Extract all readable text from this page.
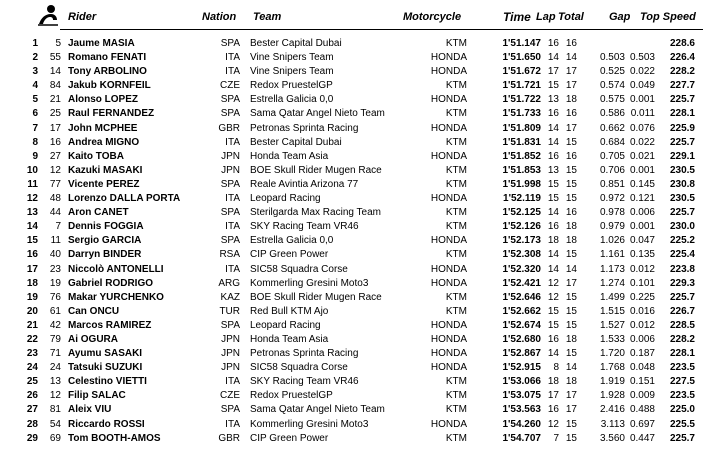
Rider	Nation Team	Motorcycle	Time Lap Total Gap Top Speed
1	5 Jaume MASIA	SPA Bester Capital Dubai	KTM	1'51.147 16 16	228.6
2	55 Romano FENATI	ITA Vine Snipers Team	HONDA	1'51.650 14 14	0.503 0.503	226.4
3	14 Tony ARBOLINO	ITA Vine Snipers Team	HONDA	1'51.672 17 17	0.525 0.022	228.2
4	84 Jakub KORNFEIL	CZE Redox PruestelGP	KTM	1'51.721 15 17	0.574 0.049	227.7
5	21 Alonso LOPEZ	SPA Estrella Galicia 0,0	HONDA	1'51.722 13 18	0.575 0.001	225.7
6	25 Raul FERNANDEZ	SPA Sama Qatar Angel Nieto Team	KTM	1'51.733 16 16	0.586 0.011	228.1
7	17 John MCPHEE	GBR Petronas Sprinta Racing	HONDA	1'51.809 14 17	0.662 0.076	225.9
8	16 Andrea MIGNO	ITA Bester Capital Dubai	KTM	1'51.831 14 15	0.684 0.022	225.7
9	27 Kaito TOBA	JPN Honda Team Asia	HONDA	1'51.852 16 16	0.705 0.021	229.1
10	12 Kazuki MASAKI	JPN BOE Skull Rider Mugen Race	KTM	1'51.853 13 15	0.706 0.001	230.5
11	77 Vicente PEREZ	SPA Reale Avintia Arizona 77	KTM	1'51.998 15 15	0.851 0.145	230.8
12	48 Lorenzo DALLA PORTA	ITA Leopard Racing	HONDA	1'52.119 15 15	0.972 0.121	230.5
13	44 Aron CANET	SPA Sterilgarda Max Racing Team	KTM	1'52.125 14 16	0.978 0.006	225.7
14	7 Dennis FOGGIA	ITA SKY Racing Team VR46	KTM	1'52.126 16 18	0.979 0.001	230.0
15	11 Sergio GARCIA	SPA Estrella Galicia 0,0	HONDA	1'52.173 18 18	1.026 0.047	225.2
16	40 Darryn BINDER	RSA CIP Green Power	KTM	1'52.308 14 15	1.161 0.135	225.4
17	23 Niccolò ANTONELLI	ITA SIC58 Squadra Corse	HONDA	1'52.320 14 14	1.173 0.012	223.8
18	19 Gabriel RODRIGO	ARG Kommerling Gresini Moto3	HONDA	1'52.421 12 17	1.274 0.101	229.3
19	76 Makar YURCHENKO	KAZ BOE Skull Rider Mugen Race	KTM	1'52.646 12 15	1.499 0.225	225.7
20	61 Can ONCU	TUR Red Bull KTM Ajo	KTM	1'52.662 15 15	1.515 0.016	226.7
21	42 Marcos RAMIREZ	SPA Leopard Racing	HONDA	1'52.674 15 15	1.527 0.012	228.5
22	79 Ai OGURA	JPN Honda Team Asia	HONDA	1'52.680 16 18	1.533 0.006	228.2
23	71 Ayumu SASAKI	JPN Petronas Sprinta Racing	HONDA	1'52.867 14 15	1.720 0.187	228.1
24	24 Tatsuki SUZUKI	JPN SIC58 Squadra Corse	HONDA	1'52.915	8 14	1.768 0.048	223.5
25	13 Celestino VIETTI	ITA SKY Racing Team VR46	KTM	1'53.066 18 18	1.919 0.151	227.5
26	12 Filip SALAC	CZE Redox PruestelGP	KTM	1'53.075 17 17	1.928 0.009	223.5
27	81 Aleix VIU	SPA Sama Qatar Angel Nieto Team	KTM	1'53.563 16 17	2.416 0.488	225.0
28	54 Riccardo ROSSI	ITA Kommerling Gresini Moto3	HONDA	1'54.260 12 15	3.113 0.697	225.5
29	69 Tom BOOTH-AMOS	GBR CIP Green Power	KTM	1'54.707	7 15	3.560 0.447	225.7
